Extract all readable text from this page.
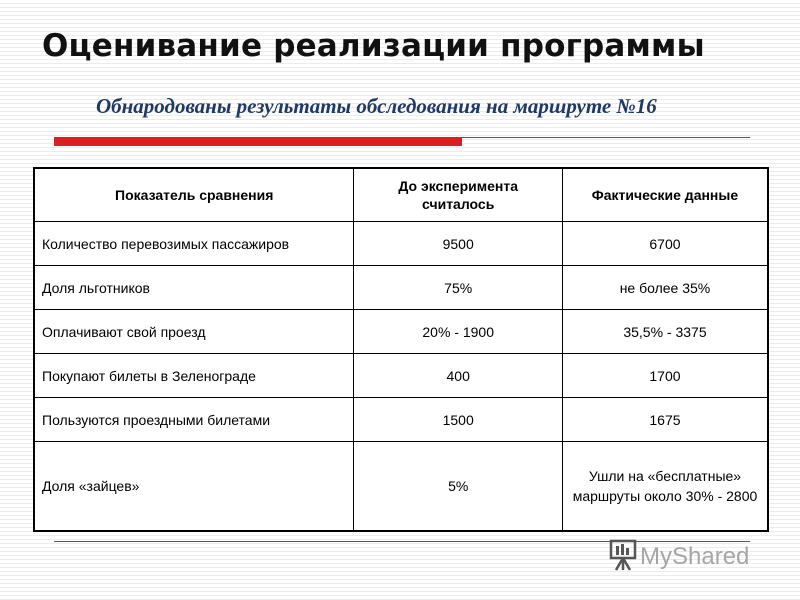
Оценивание реализации программы
Обнародованы результаты обследования на маршруте №16
Показатель сравнения	До эксперимента считалось	Фактические данные
Количество перевозимых пассажиров	9500	6700
Доля льготников	75%	не более 35%
Оплачивают свой проезд	20% - 1900	35,5% - 3375
Покупают билеты в Зеленограде	400	1700
Пользуются проездными билетами	1500	1675
Доля «зайцев»	5%	Ушли на «бесплатные» маршруты около 30% - 2800
MyShared
